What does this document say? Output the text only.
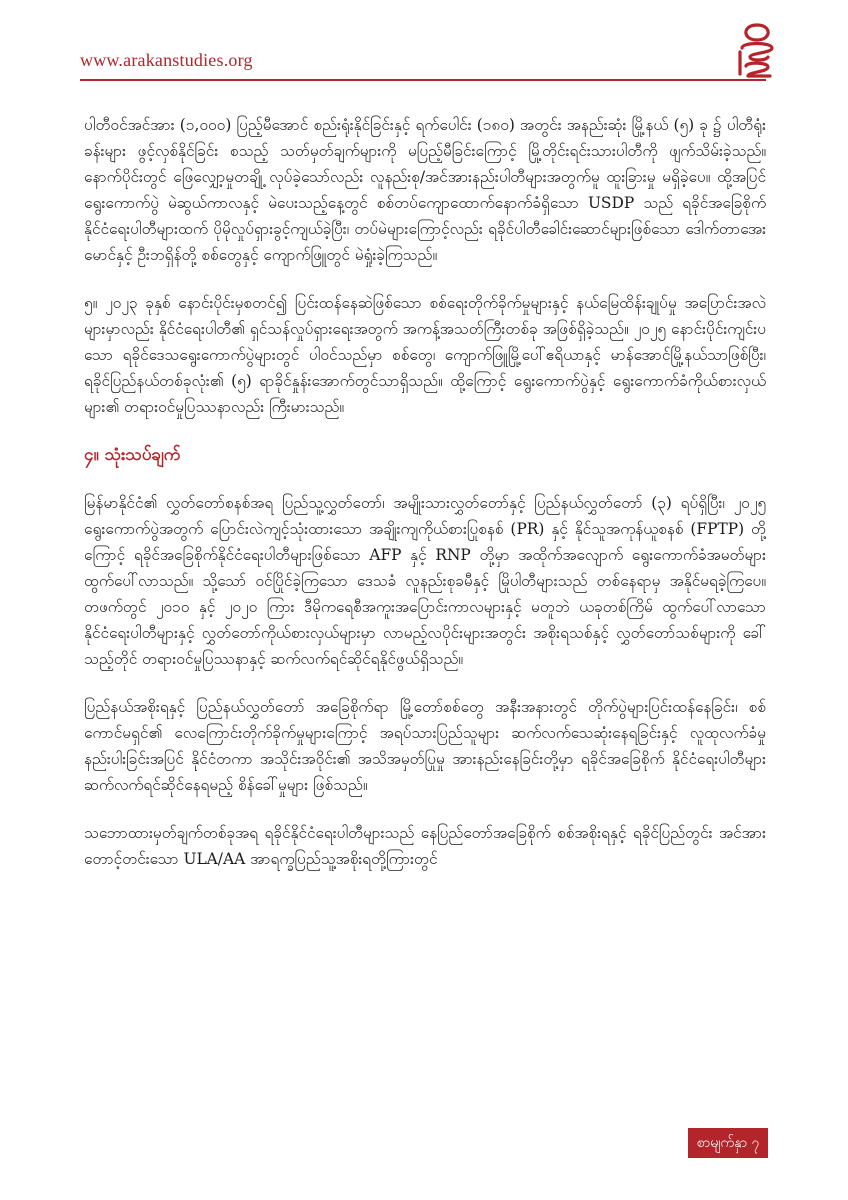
www.arakanstudies.org

ပါတီဝင်အင်အား (၁,၀၀၀) ပြည့်မီအောင် စည်းရုံးနိုင်ခြင်းနှင့် ရက်ပေါင်း (၁၈၀) အတွင်း အနည်းဆုံး မြို့နယ် (၅) ခု ၌ ပါတီရုံးခန်းများ ဖွင့်လှစ်နိုင်ခြင်း စသည့် သတ်မှတ်ချက်များကို မပြည့်မီခြင်းကြောင့် မြို့တိုင်းရင်းသားပါတီကို ဖျက်သိမ်းခဲ့သည်။ နောက်ပိုင်းတွင် ဖြေလျှော့မှုတချို့ လုပ်ခဲ့သော်လည်း လူနည်းစု/အင်အားနည်းပါတီများအတွက်မူ ထူးခြားမှု မရှိခဲ့ပေ။ ထို့အပြင် ရွေးကောက်ပွဲ မဲဆွယ်ကာလနှင့် မဲပေးသည့်နေ့တွင် စစ်တပ်ကျောထောက်နောက်ခံရှိသော USDP သည် ရခိုင်အခြေစိုက်နိုင်ငံရေးပါတီများထက် ပိုမိုလှုပ်ရှားခွင့်ကျယ်ခဲ့ပြီး၊ တပ်မဲများကြောင့်လည်း ရခိုင်ပါတီခေါင်းဆောင်များဖြစ်သော ဒေါက်တာအေးမောင်နှင့် ဦးဘရှိန်တို့ စစ်တွေနှင့် ကျောက်ဖြူတွင် မဲရှုံးခဲ့ကြသည်။

၅။ ၂၀၂၃ ခုနှစ် နောင်းပိုင်းမှစတင်၍ ပြင်းထန်နေဆဲဖြစ်သော စစ်ရေးတိုက်ခိုက်မှုများနှင့် နယ်မြေထိန်းချုပ်မှု အပြောင်းအလဲများမှာလည်း နိုင်ငံရေးပါတီ၏ ရှင်သန်လှုပ်ရှားရေးအတွက် အကန့်အသတ်ကြီးတစ်ခု အဖြစ်ရှိခဲ့သည်။ ၂၀၂၅ နောင်းပိုင်းကျင်းပသော ရခိုင်ဒေသရွေးကောက်ပွဲများတွင် ပါဝင်သည်မှာ စစ်တွေ၊ ကျောက်ဖြူမြို့ပေါ်ဧရိယာနှင့် မာန်အောင်မြို့နယ်သာဖြစ်ပြီး၊ ရခိုင်ပြည်နယ်တစ်ခုလုံး၏ (၅) ရာခိုင်နှုန်းအောက်တွင်သာရှိသည်။ ထို့ကြောင့် ရွေးကောက်ပွဲနှင့် ရွေးကောက်ခံကိုယ်စားလှယ်များ၏ တရားဝင်မှုပြဿနာလည်း ကြီးမားသည်။

၄။ သုံးသပ်ချက်

မြန်မာနိုင်ငံ၏ လွှတ်တော်စနစ်အရ ပြည်သူ့လွှတ်တော်၊ အမျိုးသားလွှတ်တော်နှင့် ပြည်နယ်လွှတ်တော် (၃) ရပ်ရှိပြီး၊ ၂၀၂၅ ရွေးကောက်ပွဲအတွက် ပြောင်းလဲကျင့်သုံးထားသော အချိုးကျကိုယ်စားပြုစနစ် (PR) နှင့် နိုင်သူအကုန်ယူစနစ် (FPTP) တို့ကြောင့် ရခိုင်အခြေစိုက်နိုင်ငံရေးပါတီများဖြစ်သော AFP နှင့် RNP တို့မှာ အထိုက်အလျောက် ရွေးကောက်ခံအမတ်များ ထွက်ပေါ်လာသည်။ သို့သော် ဝင်ပြိုင်ခဲ့ကြသော ဒေသခံ လူနည်းစုခမီနှင့် မြိုပါတီများသည် တစ်နေရာမှ အနိုင်မရခဲ့ကြပေ။ တဖက်တွင် ၂၀၁၀ နှင့် ၂၀၂၀ ကြား ဒီမိုကရေစီအကူးအပြောင်းကာလများနှင့် မတူဘဲ ယခုတစ်ကြိမ် ထွက်ပေါ်လာသော နိုင်ငံရေးပါတီများနှင့် လွှတ်တော်ကိုယ်စားလှယ်များမှာ လာမည့်လပိုင်းများအတွင်း အစိုးရသစ်နှင့် လွှတ်တော်သစ်များကို ခေါ်သည့်တိုင် တရားဝင်မှုပြဿနာနှင့် ဆက်လက်ရင်ဆိုင်ရနိုင်ဖွယ်ရှိသည်။

ပြည်နယ်အစိုးရနှင့် ပြည်နယ်လွှတ်တော် အခြေစိုက်ရာ မြို့တော်စစ်တွေ အနီးအနားတွင် တိုက်ပွဲများပြင်းထန်နေခြင်း၊ စစ်ကောင်မရှင်၏ လေကြောင်းတိုက်ခိုက်မှုများကြောင့် အရပ်သားပြည်သူများ ဆက်လက်သေဆုံးနေရခြင်းနှင့် လူထုလက်ခံမှုနည်းပါးခြင်းအပြင် နိုင်ငံတကာ အသိုင်းအဝိုင်း၏ အသိအမှတ်ပြုမှု အားနည်းနေခြင်းတို့မှာ ရခိုင်အခြေစိုက် နိုင်ငံရေးပါတီများ ဆက်လက်ရင်ဆိုင်နေရမည့် စိန်ခေါ်မှုများ ဖြစ်သည်။

သဘောထားမှတ်ချက်တစ်ခုအရ ရခိုင်နိုင်ငံရေးပါတီများသည် နေပြည်တော်အခြေစိုက် စစ်အစိုးရနှင့် ရခိုင်ပြည်တွင်း အင်အားတောင့်တင်းသော ULA/AA အာရက္ခပြည်သူ့အစိုးရတို့ကြားတွင်

စာမျက်နှာ ၇
